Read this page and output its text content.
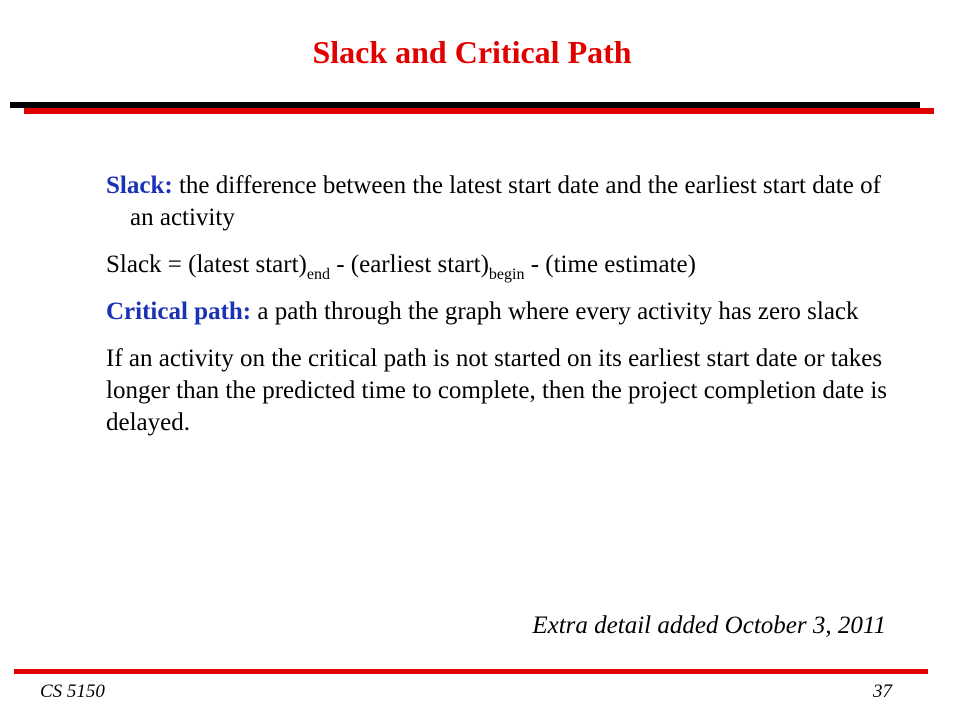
Slack and Critical Path

Slack: the difference between the latest start date and the earliest start date of an activity

Slack = (latest $start)_{end}$ - (earliest $start)_{begin}$ - (time estimate)

Critical path: a path through the graph where every activity has zero slack

If an activity on the critical path is not started on its earliest start date or takes longer than the predicted time to complete, then the project completion date is delayed.

Extra detail added October 3, 2011
CS 5150	37
